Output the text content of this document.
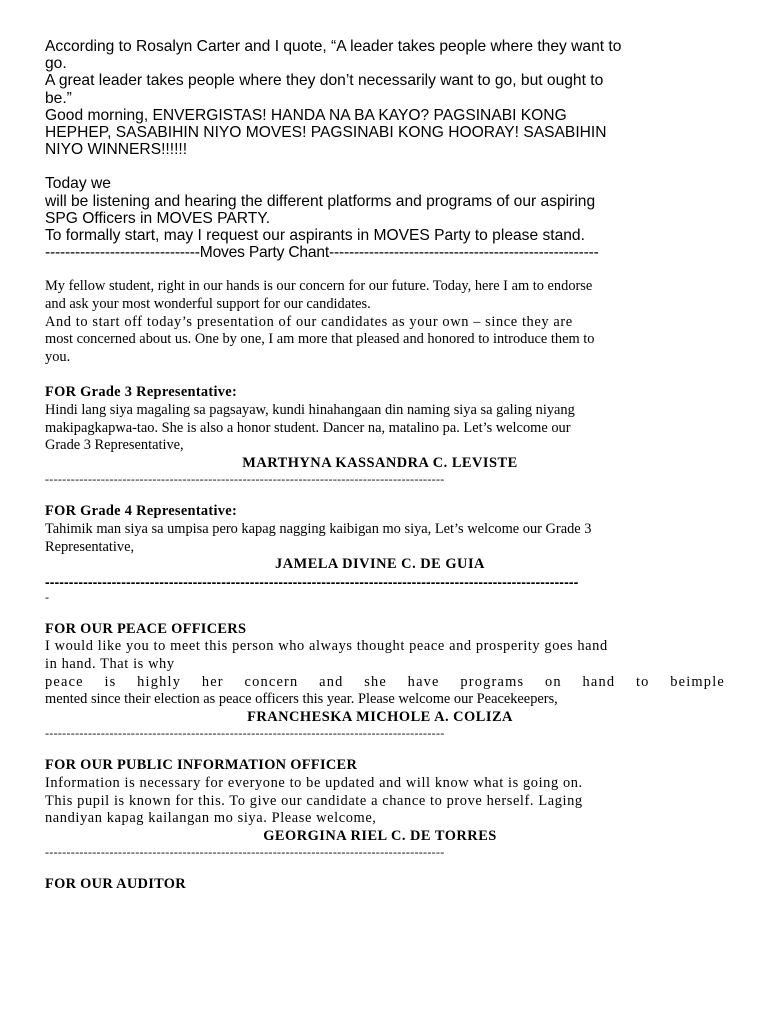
According to Rosalyn Carter and I quote, “A leader takes people where they want to

go.

A great leader takes people where they don’t necessarily want to go, but ought to

be.”

Good morning, ENVERGISTAS! HANDA NA BA KAYO? PAGSINABI KONG

HEPHEP, SASABIHIN NIYO MOVES! PAGSINABI KONG HOORAY! SASABIHIN

NIYO WINNERS!!!!!!

Today we

will be listening and hearing the different platforms and programs of our aspiring

SPG Officers in MOVES PARTY.

To formally start, may I request our aspirants in MOVES Party to please stand.

-------------------------------Moves Party Chant------------------------------------------------------

My fellow student, right in our hands is our concern for our future. Today, here I am to endorse

and ask your most wonderful support for our candidates.

And to start off today’s presentation of our candidates as your own – since they are

most concerned about us. One by one, I am more that pleased and honored to introduce them to

you.

FOR Grade 3 Representative:

Hindi lang siya magaling sa pagsayaw, kundi hinahangaan din naming siya sa galing niyang

makipagkapwa-tao. She is also a honor student. Dancer na, matalino pa. Let’s welcome our

Grade 3 Representative,

MARTHYNA KASSANDRA C. LEVISTE

---------------------------------------------------------------------------------------------

FOR Grade 4 Representative:

Tahimik man siya sa umpisa pero kapag nagging kaibigan mo siya, Let’s welcome our Grade 3

Representative,

JAMELA DIVINE C. DE GUIA

----------------------------------------------------------------------------------------------------------------
-

FOR OUR PEACE OFFICERS

I would like you to meet this person who always thought peace and prosperity goes hand

in hand. That is why

peace is highly her concern and she have programs on hand to beimple

mented since their election as peace officers this year. Please welcome our Peacekeepers,

FRANCHESKA MICHOLE A. COLIZA

---------------------------------------------------------------------------------------------

FOR OUR PUBLIC INFORMATION OFFICER

Information is necessary for everyone to be updated and will know what is going on.

This pupil is known for this. To give our candidate a chance to prove herself. Laging

nandiyan kapag kailangan mo siya. Please welcome,

GEORGINA RIEL C. DE TORRES

---------------------------------------------------------------------------------------------

FOR OUR AUDITOR
